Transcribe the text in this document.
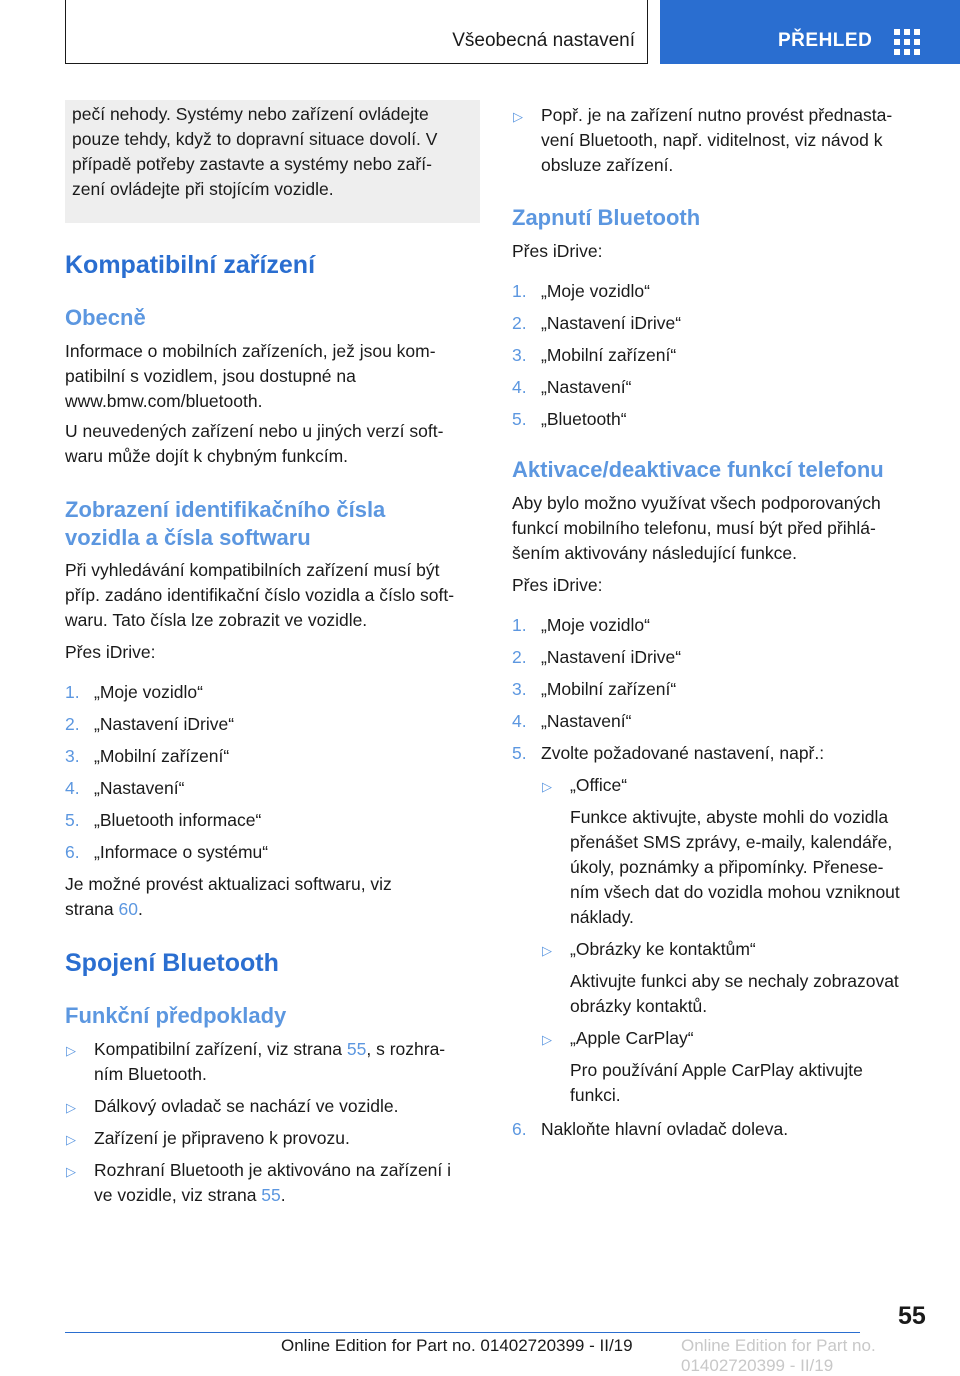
Všeobecná nastavení	PŘEHLED
pečí nehody. Systémy nebo zařízení ovládejte
pouze tehdy, když to dopravní situace dovolí. V
případě potřeby zastavte a systémy nebo zaří-
zení ovládejte při stojícím vozidle.
Kompatibilní zařízení
Obecně
Informace o mobilních zařízeních, jež jsou kom-
patibilní s vozidlem, jsou dostupné na
www.bmw.com/bluetooth.
U neuvedených zařízení nebo u jiných verzí soft-
waru může dojít k chybným funkcím.
Zobrazení identifikačního čísla
vozidla a čísla softwaru
Při vyhledávání kompatibilních zařízení musí být
příp. zadáno identifikační číslo vozidla a číslo soft-
waru. Tato čísla lze zobrazit ve vozidle.
Přes iDrive:
1. „Moje vozidlo“
2. „Nastavení iDrive“
3. „Mobilní zařízení“
4. „Nastavení“
5. „Bluetooth informace“
6. „Informace o systému“
Je možné provést aktualizaci softwaru, viz
strana 60.
Spojení Bluetooth
Funkční předpoklady
▷ Kompatibilní zařízení, viz strana 55, s rozhra-
ním Bluetooth.
▷ Dálkový ovladač se nachází ve vozidle.
▷ Zařízení je připraveno k provozu.
▷ Rozhraní Bluetooth je aktivováno na zařízení i
ve vozidle, viz strana 55.
▷ Popř. je na zařízení nutno provést přednasta-
vení Bluetooth, např. viditelnost, viz návod k
obsluze zařízení.
Zapnutí Bluetooth
Přes iDrive:
1. „Moje vozidlo“
2. „Nastavení iDrive“
3. „Mobilní zařízení“
4. „Nastavení“
5. „Bluetooth“
Aktivace/deaktivace funkcí telefonu
Aby bylo možno využívat všech podporovaných
funkcí mobilního telefonu, musí být před přihlá-
šením aktivovány následující funkce.
Přes iDrive:
1. „Moje vozidlo“
2. „Nastavení iDrive“
3. „Mobilní zařízení“
4. „Nastavení“
5. Zvolte požadované nastavení, např.:
▷ „Office“
Funkce aktivujte, abyste mohli do vozidla
přenášet SMS zprávy, e-maily, kalendáře,
úkoly, poznámky a připomínky. Přenese-
ním všech dat do vozidla mohou vzniknout
náklady.
▷ „Obrázky ke kontaktům“
Aktivujte funkci aby se nechaly zobrazovat
obrázky kontaktů.
▷ „Apple CarPlay“
Pro používání Apple CarPlay aktivujte
funkci.
6. Nakloňte hlavní ovladač doleva.
55
Online Edition for Part no. 01402720399 - II/19	Online Edition for Part no. 01402720399 - II/19
